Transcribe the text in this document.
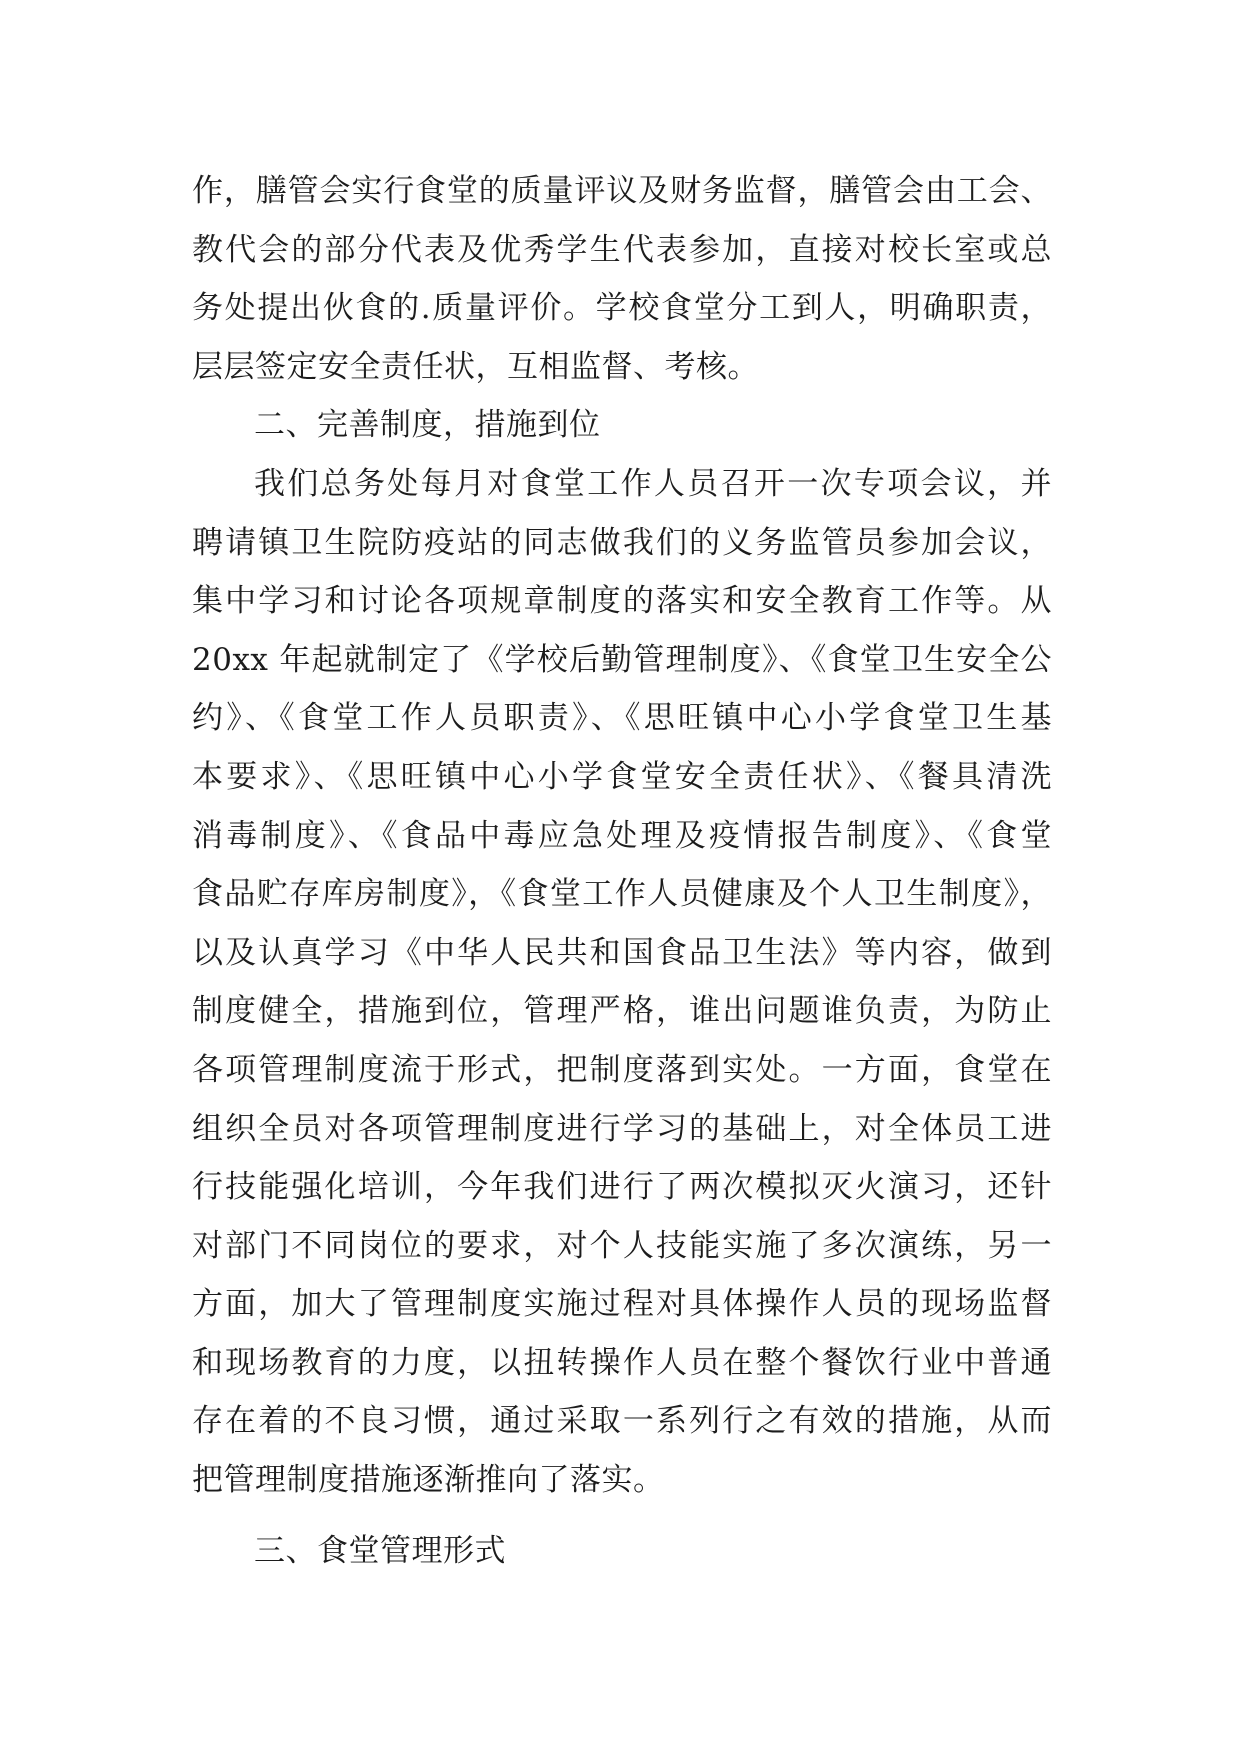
作，膳管会实行食堂的质量评议及财务监督，膳管会由工会、
教代会的部分代表及优秀学生代表参加，直接对校长室或总
务处提出伙食的.质量评价。学校食堂分工到人，明确职责，
层层签定安全责任状，互相监督、考核。
二、完善制度，措施到位
我们总务处每月对食堂工作人员召开一次专项会议，并
聘请镇卫生院防疫站的同志做我们的义务监管员参加会议，
集中学习和讨论各项规章制度的落实和安全教育工作等。从
20xx 年起就制定了《学校后勤管理制度》、《食堂卫生安全公
约》、《食堂工作人员职责》、《思旺镇中心小学食堂卫生基
本要求》、《思旺镇中心小学食堂安全责任状》、《餐具清洗
消毒制度》、《食品中毒应急处理及疫情报告制度》、《食堂
食品贮存库房制度》，《食堂工作人员健康及个人卫生制度》，
以及认真学习《中华人民共和国食品卫生法》等内容，做到
制度健全，措施到位，管理严格，谁出问题谁负责，为防止
各项管理制度流于形式，把制度落到实处。一方面，食堂在
组织全员对各项管理制度进行学习的基础上，对全体员工进
行技能强化培训，今年我们进行了两次模拟灭火演习，还针
对部门不同岗位的要求，对个人技能实施了多次演练，另一
方面，加大了管理制度实施过程对具体操作人员的现场监督
和现场教育的力度，以扭转操作人员在整个餐饮行业中普通
存在着的不良习惯，通过采取一系列行之有效的措施，从而
把管理制度措施逐渐推向了落实。
三、食堂管理形式
